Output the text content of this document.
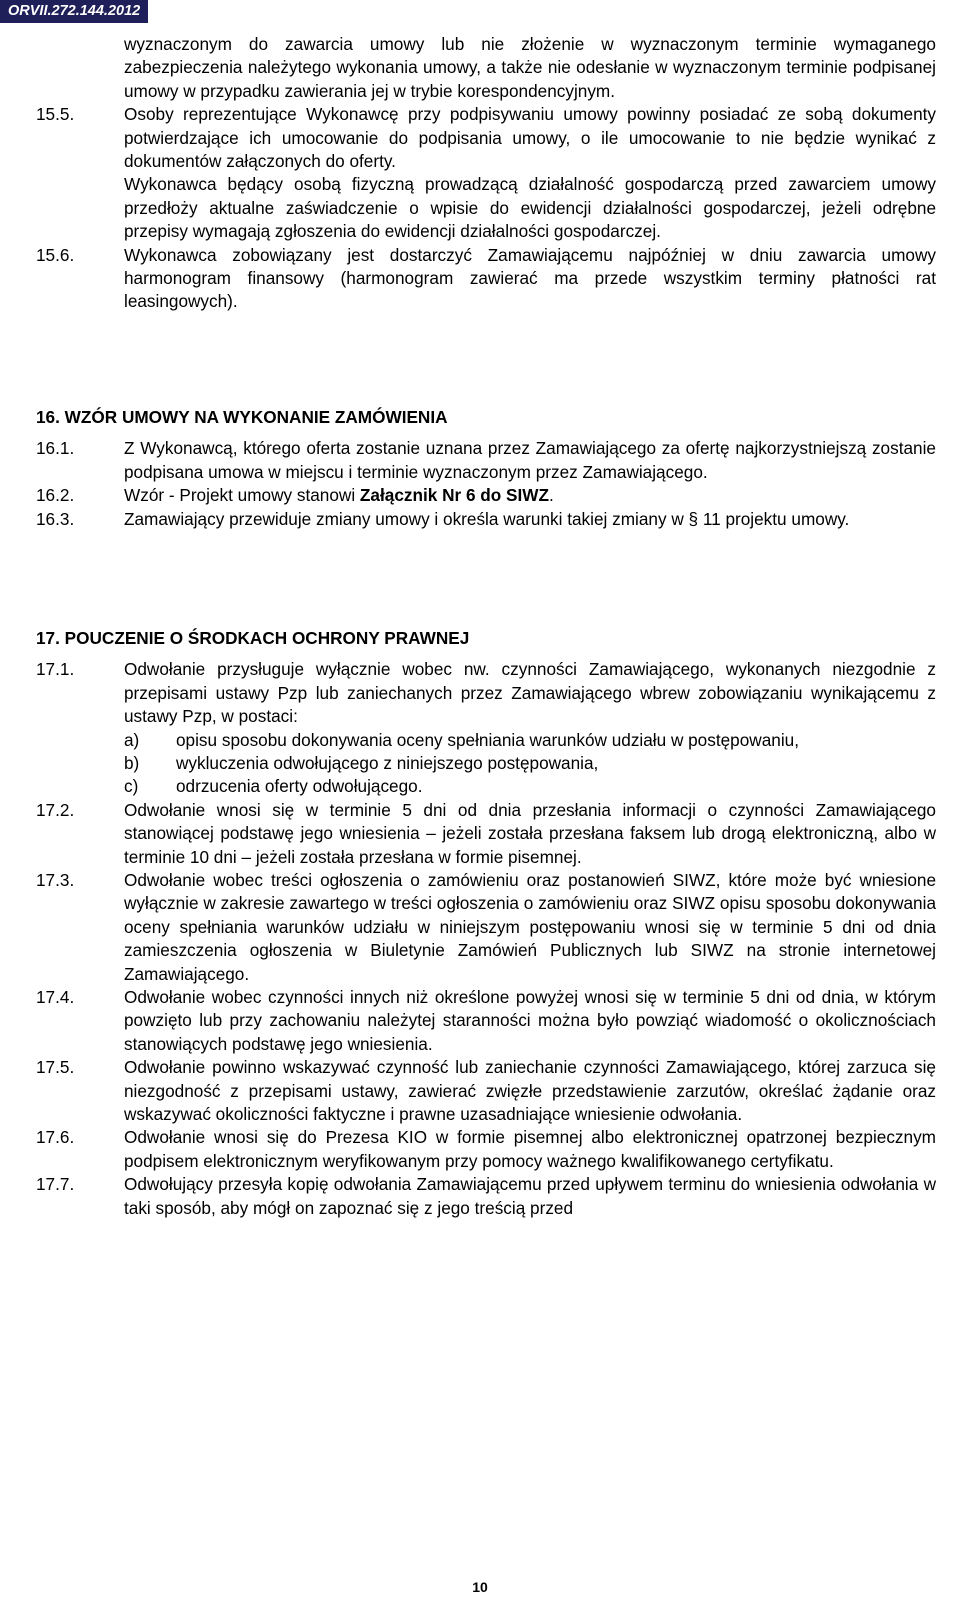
ORVII.272.144.2012

wyznaczonym do zawarcia umowy lub nie złożenie w wyznaczonym terminie wymaganego zabezpieczenia należytego wykonania umowy, a także nie odesłanie w wyznaczonym terminie podpisanej umowy w przypadku zawierania jej w trybie korespondencyjnym.

15.5.	Osoby reprezentujące Wykonawcę przy podpisywaniu umowy powinny posiadać ze sobą dokumenty potwierdzające ich umocowanie do podpisania umowy, o ile umocowanie to nie będzie wynikać z dokumentów załączonych do oferty.

Wykonawca będący osobą fizyczną prowadzącą działalność gospodarczą przed zawarciem umowy przedłoży aktualne zaświadczenie o wpisie do ewidencji działalności gospodarczej, jeżeli odrębne przepisy wymagają zgłoszenia do ewidencji działalności gospodarczej.

15.6.	Wykonawca zobowiązany jest dostarczyć Zamawiającemu najpóźniej w dniu zawarcia umowy harmonogram finansowy (harmonogram zawierać ma przede wszystkim terminy płatności rat leasingowych).

16. WZÓR UMOWY NA WYKONANIE ZAMÓWIENIA

16.1.	Z Wykonawcą, którego oferta zostanie uznana przez Zamawiającego za ofertę najkorzystniejszą zostanie podpisana umowa w miejscu i terminie wyznaczonym przez Zamawiającego.
16.2.	Wzór - Projekt umowy stanowi Załącznik Nr 6 do SIWZ.
16.3.	Zamawiający przewiduje zmiany umowy i określa warunki takiej zmiany w § 11 projektu umowy.

17. POUCZENIE O ŚRODKACH OCHRONY PRAWNEJ

17.1.	Odwołanie przysługuje wyłącznie wobec nw. czynności Zamawiającego, wykonanych niezgodnie z przepisami ustawy Pzp lub zaniechanych przez Zamawiającego wbrew zobowiązaniu wynikającemu z ustawy Pzp, w postaci:

a)	opisu sposobu dokonywania oceny spełniania warunków udziału w postępowaniu,
b)	wykluczenia odwołującego z niniejszego postępowania,
c)	odrzucenia oferty odwołującego.
17.2.	Odwołanie wnosi się w terminie 5 dni od dnia przesłania informacji o czynności Zamawiającego stanowiącej podstawę jego wniesienia – jeżeli została przesłana faksem lub drogą elektroniczną, albo w terminie 10 dni – jeżeli została przesłana w formie pisemnej.
17.3.	Odwołanie wobec treści ogłoszenia o zamówieniu oraz postanowień SIWZ, które może być wniesione wyłącznie w zakresie zawartego w treści ogłoszenia o zamówieniu oraz SIWZ opisu sposobu dokonywania oceny spełniania warunków udziału w niniejszym postępowaniu wnosi się w terminie 5 dni od dnia zamieszczenia ogłoszenia w Biuletynie Zamówień Publicznych lub SIWZ na stronie internetowej Zamawiającego.
17.4.	Odwołanie wobec czynności innych niż określone powyżej wnosi się w terminie 5 dni od dnia, w którym powzięto lub przy zachowaniu należytej staranności można było powziąć wiadomość o okolicznościach stanowiących podstawę jego wniesienia.
17.5.	Odwołanie powinno wskazywać czynność lub zaniechanie czynności Zamawiającego, której zarzuca się niezgodność z przepisami ustawy, zawierać zwięzłe przedstawienie zarzutów, określać żądanie oraz wskazywać okoliczności faktyczne i prawne uzasadniające wniesienie odwołania.
17.6.	Odwołanie wnosi się do Prezesa KIO w formie pisemnej albo elektronicznej opatrzonej bezpiecznym podpisem elektronicznym weryfikowanym przy pomocy ważnego kwalifikowanego certyfikatu.
17.7.	Odwołujący przesyła kopię odwołania Zamawiającemu przed upływem terminu do wniesienia odwołania w taki sposób, aby mógł on zapoznać się z jego treścią przed
10
